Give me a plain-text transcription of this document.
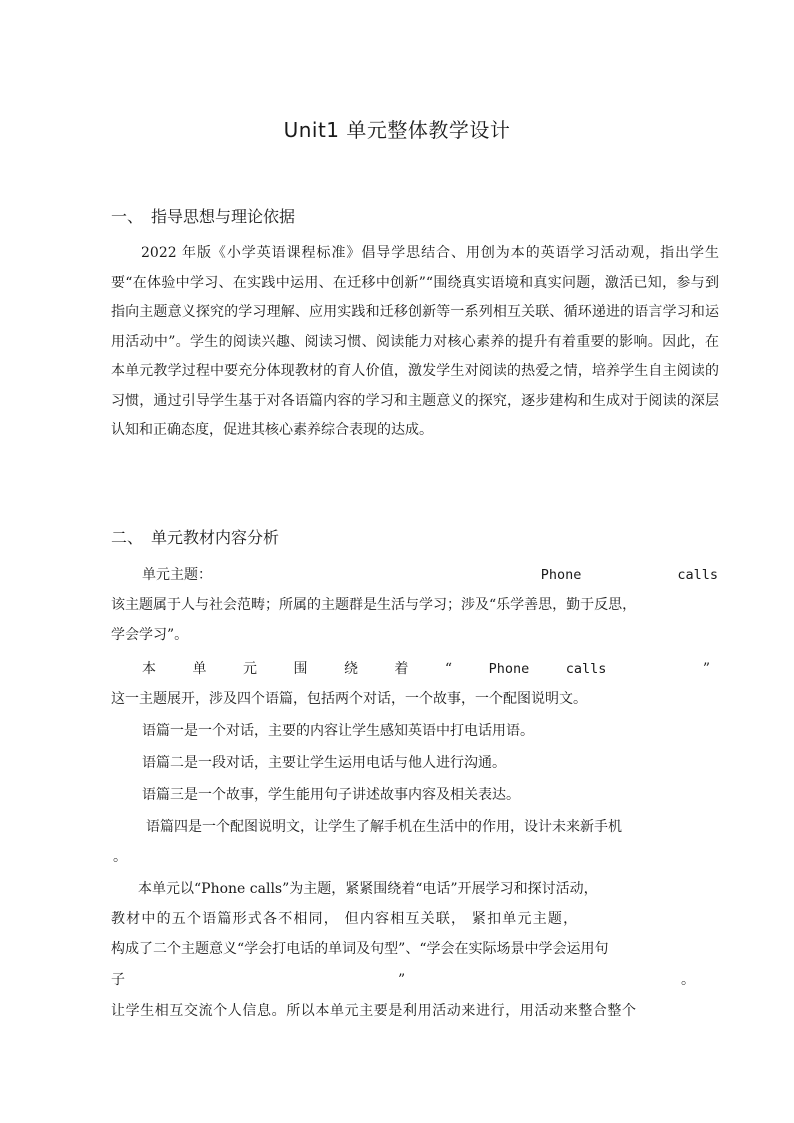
Unit1 单元整体教学设计
一、 指导思想与理论依据

2022 年版《小学英语课程标准》倡导学思结合、用创为本的英语学习活动观，指出学生要“在体验中学习、在实践中运用、在迁移中创新”“围绕真实语境和真实问题，激活已知，参与到指向主题意义探究的学习理解、应用实践和迁移创新等一系列相互关联、循环递进的语言学习和运用活动中”。学生的阅读兴趣、阅读习惯、阅读能力对核心素养的提升有着重要的影响。因此，在本单元教学过程中要充分体现教材的育人价值，激发学生对阅读的热爱之情，培养学生自主阅读的习惯，通过引导学生基于对各语篇内容的学习和主题意义的探究，逐步建构和生成对于阅读的深层认知和正确态度，促进其核心素养综合表现的达成。

二、 单元教材内容分析
单 元 主 题 ：	Phone	calls

该主题属于人与社会范畴；所属的主题群是生活与学习；涉及“乐学善思，勤于反思，

学会学习”。

本	单	元	围	绕	着	“	Phone	calls	”

这一主题展开，涉及四个语篇，包括两个对话，一个故事，一个配图说明文。

语篇一是一个对话，主要的内容让学生感知英语中打电话用语。

语篇二是一段对话，主要让学生运用电话与他人进行沟通。

语篇三是一个故事，学生能用句子讲述故事内容及相关表达。

语篇四是一个配图说明文，让学生了解手机在生活中的作用，设计未来新手机

。

本单元以“Phone calls”为主题，紧紧围绕着“电话”开展学习和探讨活动，

教材中的五个语篇形式各不相同， 但内容相互关联， 紧扣单元主题，

构成了二个主题意义“学会打电话的单词及句型”、“学会在实际场景中学会运用句

子	”	。

让学生相互交流个人信息。所以本单元主要是利用活动来进行，用活动来整合整个
